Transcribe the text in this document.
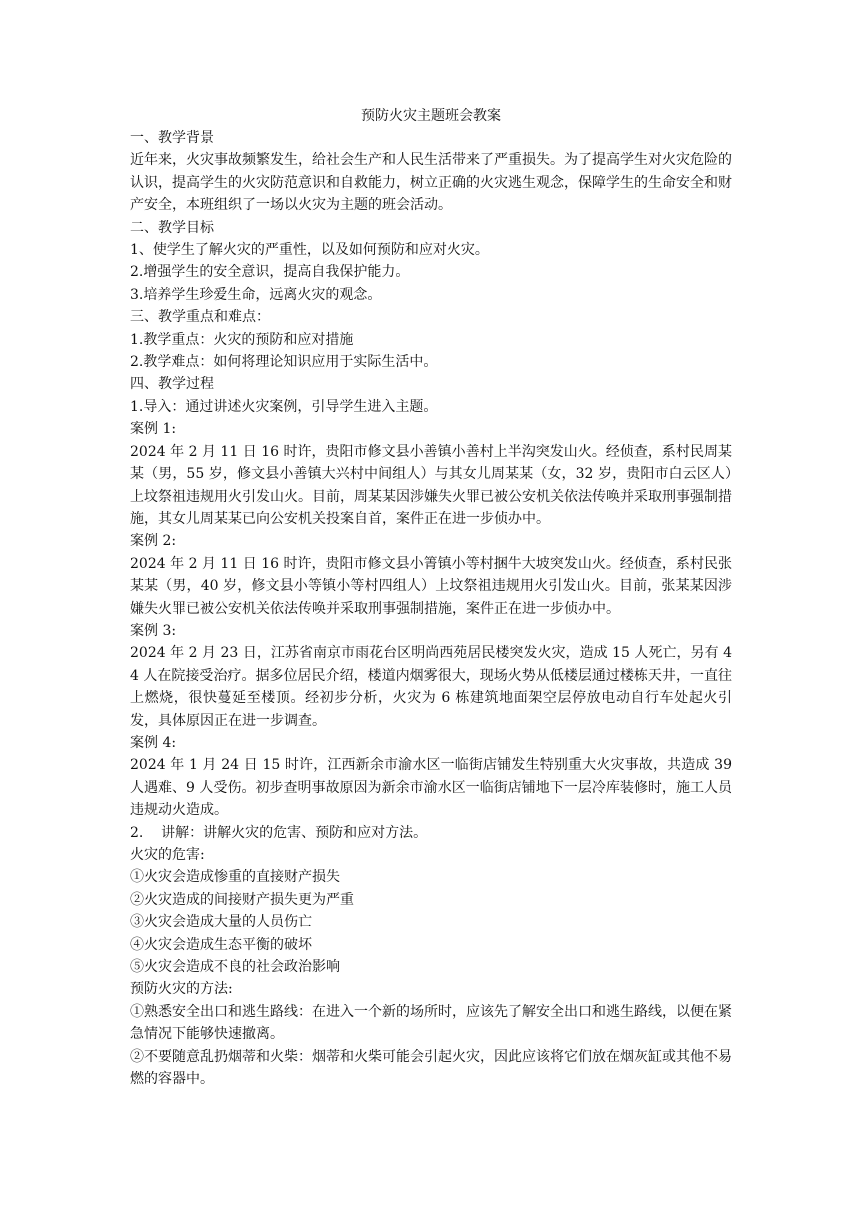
预防火灾主题班会教案

一、教学背景

近年来，火灾事故频繁发生，给社会生产和人民生活带来了严重损失。为了提高学生对火灾危险的认识，提高学生的火灾防范意识和自救能力，树立正确的火灾逃生观念，保障学生的生命安全和财产安全，本班组织了一场以火灾为主题的班会活动。

二、教学目标

1、使学生了解火灾的严重性，以及如何预防和应对火灾。

2.增强学生的安全意识，提高自我保护能力。

3.培养学生珍爱生命，远离火灾的观念。

三、教学重点和难点：

1.教学重点：火灾的预防和应对措施

2.教学难点：如何将理论知识应用于实际生活中。

四、教学过程

1.导入：通过讲述火灾案例，引导学生进入主题。

案例 1:

2024 年 2 月 11 日 16 时许，贵阳市修文县小善镇小善村上半沟突发山火。经侦查，系村民周某某（男，55 岁，修文县小善镇大兴村中间组人）与其女儿周某某（女，32 岁，贵阳市白云区人）上坟祭祖违规用火引发山火。目前，周某某因涉嫌失火罪已被公安机关依法传唤并采取刑事强制措施，其女儿周某某已向公安机关投案自首，案件正在进一步侦办中。

案例 2:

2024 年 2 月 11 日 16 时许，贵阳市修文县小箐镇小等村捆牛大坡突发山火。经侦查，系村民张某某（男，40 岁，修文县小等镇小等村四组人）上坟祭祖违规用火引发山火。目前，张某某因涉嫌失火罪已被公安机关依法传唤并采取刑事强制措施，案件正在进一步侦办中。

案例 3:

2024 年 2 月 23 日，江苏省南京市雨花台区明尚西苑居民楼突发火灾，造成 15 人死亡，另有 44 人在院接受治疗。据多位居民介绍，楼道内烟雾很大，现场火势从低楼层通过楼栋天井，一直往上燃烧，很快蔓延至楼顶。经初步分析，火灾为 6 栋建筑地面架空层停放电动自行车处起火引发，具体原因正在进一步调查。

案例 4:

2024 年 1 月 24 日 15 时许，江西新余市渝水区一临街店铺发生特别重大火灾事故，共造成 39 人遇难、9 人受伤。初步查明事故原因为新余市渝水区一临街店铺地下一层冷库装修时，施工人员违规动火造成。

2.    讲解：讲解火灾的危害、预防和应对方法。

火灾的危害:

①火灾会造成惨重的直接财产损失

②火灾造成的间接财产损失更为严重

③火灾会造成大量的人员伤亡

④火灾会造成生态平衡的破坏

⑤火灾会造成不良的社会政治影响

预防火灾的方法:

①熟悉安全出口和逃生路线：在进入一个新的场所时，应该先了解安全出口和逃生路线，以便在紧急情况下能够快速撤离。

②不要随意乱扔烟蒂和火柴：烟蒂和火柴可能会引起火灾，因此应该将它们放在烟灰缸或其他不易燃的容器中。
